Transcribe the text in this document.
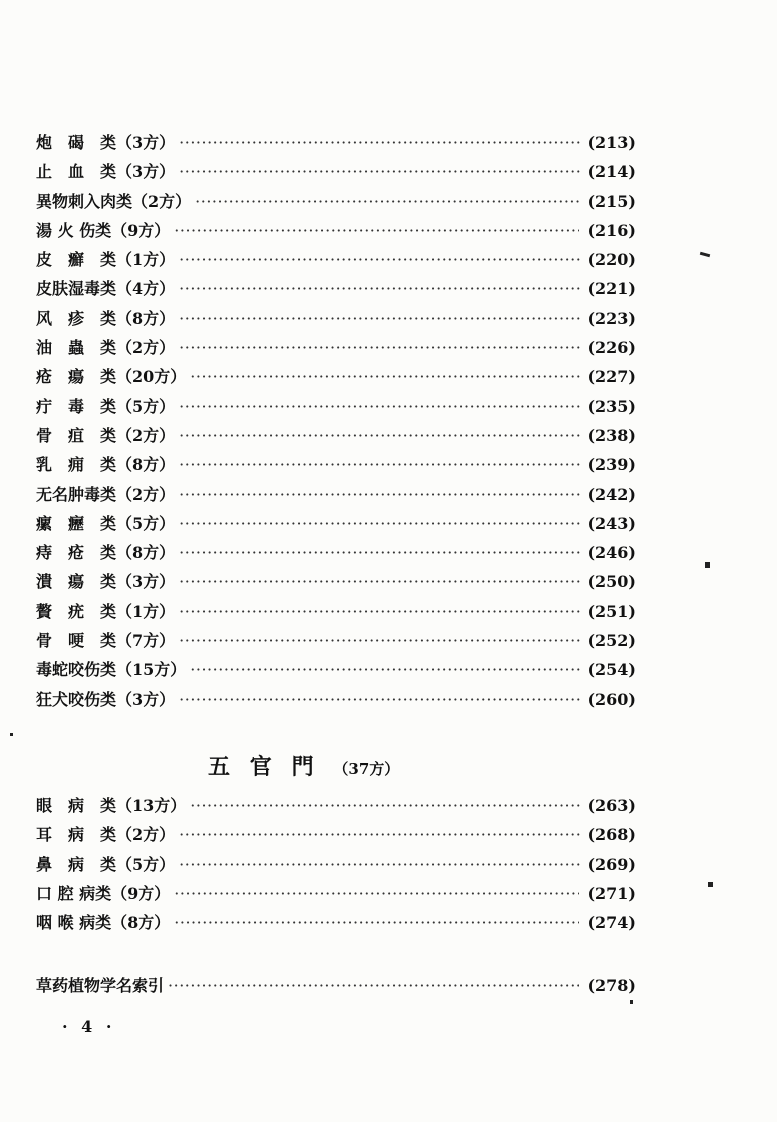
炮　碣　 类（3方） ·····	(213)
止　血　 类（3方） ·····	(214)
異物刺入肉 类（2方） ·····	(215)
湯 火 伤 类（9方） ·····	(216)
皮　癬　 类（1方） ·····	(220)
皮肤湿毒 类（4方） ·····	(221)
风　疹　 类（8方） ·····	(223)
油　蟲　 类（2方） ·····	(226)
疮　瘍　 类（20方） ·····	(227)
疔　毒　 类（5方） ·····	(235)
骨　疽　 类（2方） ·····	(238)
乳　痈　 类（8方） ·····	(239)
无名肿毒 类（2方） ·····	(242)
瘰　癧　 类（5方） ·····	(243)
痔　疮　 类（8方） ·····	(246)
潰　瘍　 类（3方） ·····	(250)
贅　疣　 类（1方） ·····	(251)
骨　哽　 类（7方） ·····	(252)
毒蛇咬伤 类（15方） ·····	(254)
狂犬咬伤 类（3方） ·····	(260)
五官門（37方）
眼　病　 类（13方） ·····	(263)
耳　病　 类（2方） ·····	(268)
鼻　病　 类（5方） ·····	(269)
口 腔 病 类（9方） ·····	(271)
咽 喉 病 类（8方） ·····	(274)
草药植物学名索引 ·····	(278)
· 4 ·
